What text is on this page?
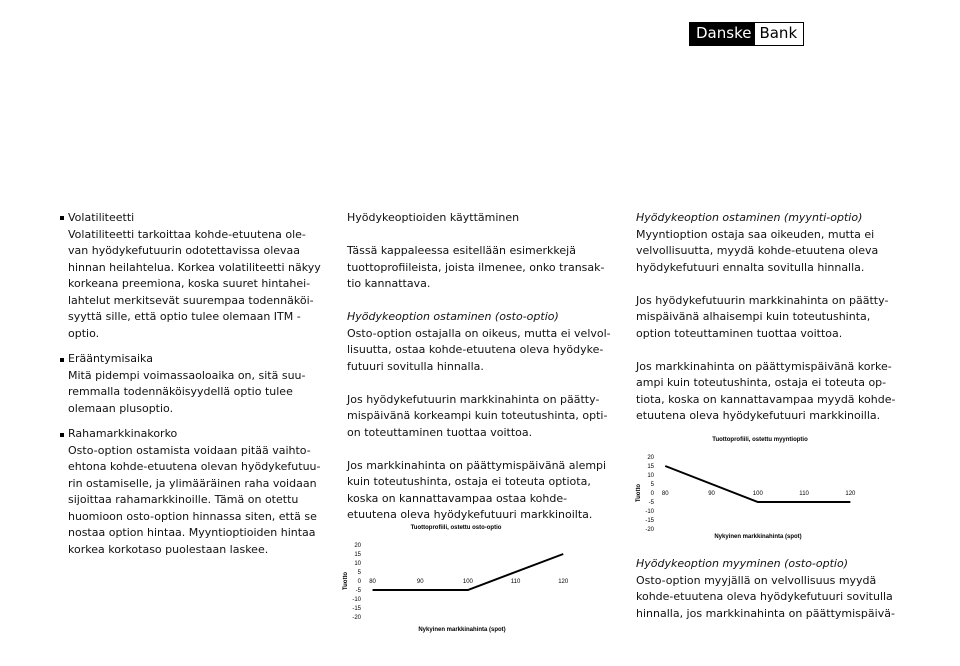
Danske Bank

Volatiliteetti

Volatiliteetti tarkoittaa kohde-etuutena ole-

van hyödykefutuurin odotettavissa olevaa

hinnan heilahtelua. Korkea volatiliteetti näkyy

korkeana preemiona, koska suuret hintahei-

lahtelut merkitsevät suurempaa todennäköi-

syyttä sille, että optio tulee olemaan ITM -

optio.

Erääntymisaika

Mitä pidempi voimassaoloaika on, sitä suu-

remmalla todennäköisyydellä optio tulee

olemaan plusoptio.

Rahamarkkinakorko

Osto-option ostamista voidaan pitää vaihto-

ehtona kohde-etuutena olevan hyödykefutuu-

rin ostamiselle, ja ylimääräinen raha voidaan

sijoittaa rahamarkkinoille. Tämä on otettu

huomioon osto-option hinnassa siten, että se

nostaa option hintaa. Myyntioptioiden hintaa

korkea korkotaso puolestaan laskee.

Hyödykeoptioiden käyttäminen

Tässä kappaleessa esitellään esimerkkejä

tuottoprofiileista, joista ilmenee, onko transak-

tio kannattava.

Hyödykeoption ostaminen (osto-optio)

Osto-option ostajalla on oikeus, mutta ei velvol-

lisuutta, ostaa kohde-etuutena oleva hyödyke-

futuuri sovitulla hinnalla.

Jos hyödykefutuurin markkinahinta on päätty-

mispäivänä korkeampi kuin toteutushinta, opti-

on toteuttaminen tuottaa voittoa.

Jos markkinahinta on päättymispäivänä alempi

kuin toteutushinta, ostaja ei toteuta optiota,

koska on kannattavampaa ostaa kohde-

etuutena oleva hyödykefutuuri markkinoilta.

Tuottoprofiili, ostettu osto-optio
20
15
10
5
0
-5
-10
-15
-20
80	90	100	110	120
Tuotto
Nykyinen markkinahinta (spot)

Hyödykeoption ostaminen (myynti-optio)

Myyntioption ostaja saa oikeuden, mutta ei

velvollisuutta, myydä kohde-etuutena oleva

hyödykefutuuri ennalta sovitulla hinnalla.

Jos hyödykefutuurin markkinahinta on päätty-

mispäivänä alhaisempi kuin toteutushinta,

option toteuttaminen tuottaa voittoa.

Jos markkinahinta on päättymispäivänä korke-

ampi kuin toteutushinta, ostaja ei toteuta op-

tiota, koska on kannattavampaa myydä kohde-

etuutena oleva hyödykefutuuri markkinoilla.

Tuottoprofiili, ostettu myyntioptio
20
15
10
5
0
-5
-10
-15
-20
80	90	100	110	120
Tuotto
Nykyinen markkinahinta (spot)

Hyödykeoption myyminen (osto-optio)

Osto-option myyjällä on velvollisuus myydä

kohde-etuutena oleva hyödykefutuuri sovitulla

hinnalla, jos markkinahinta on päättymispäivä-
